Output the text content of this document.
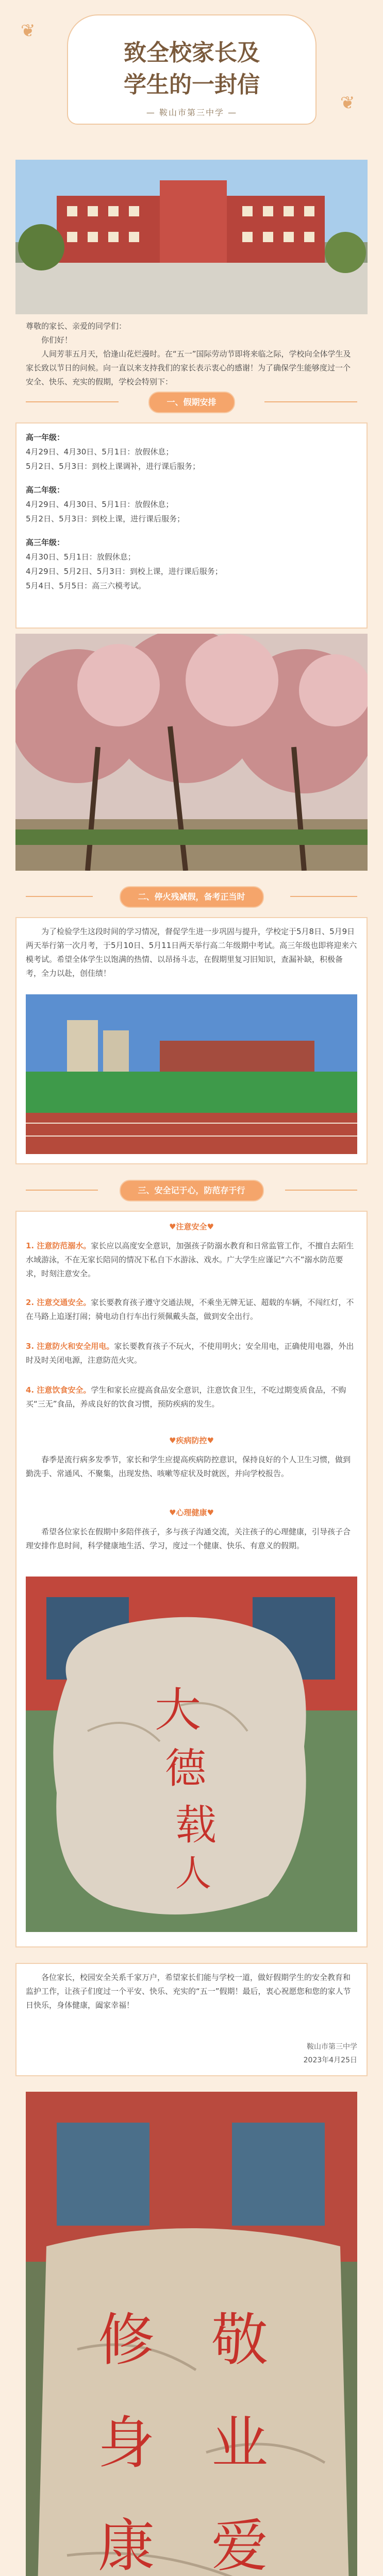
❦
❦
致全校家长及
学生的一封信
— 鞍山市第三中学 —

尊敬的家长、亲爱的同学们：

你们好！

人间芳菲五月天，恰逢山花烂漫时。在“五一”国际劳动节即将来临之际，学校向全体学生及家长致以节日的问候。向一直以来支持我们的家长表示衷心的感谢！为了确保学生能够度过一个安全、快乐、充实的假期，学校会特别下：

一、假期安排
高一年级：
4月29日、4月30日、5月1日：放假休息；
5月2日、5月3日：到校上课调补，进行课后服务；
高二年级：
4月29日、4月30日、5月1日：放假休息；
5月2日、5月3日：到校上课，进行课后服务；
高三年级：
4月30日、5月1日：放假休息；
4月29日、5月2日、5月3日：到校上课，进行课后服务；
5月4日、5月5日：高三六模考试。
二、停火残减假，备考正当时

为了检验学生这段时间的学习情况，督促学生进一步巩固与提升，学校定于5月8日、5月9日两天举行第一次月考，于5月10日、5月11日两天举行高二年级期中考试。高三年级也即将迎来六模考试。希望全体学生以饱满的热情、以昂扬斗志，在假期里复习旧知识，查漏补缺，积极备考，全力以赴，创佳绩！

三、安全记于心，防范存于行
♥注意安全♥

1. 注意防范溺水。家长应以高度安全意识，加强孩子防溺水教育和日常监管工作，不擅自去陌生水域游泳，不在无家长陪同的情况下私自下水游泳、戏水。广大学生应谨记“六不”溺水防范要求，时刻注意安全。

2. 注意交通安全。家长要教育孩子遵守交通法规，不乘坐无牌无证、超载的车辆，不闯红灯，不在马路上追逐打闹；骑电动自行车出行须佩戴头盔，做到安全出行。

3. 注意防火和安全用电。家长要教育孩子不玩火，不使用明火；安全用电，正确使用电器，外出时及时关闭电源，注意防范火灾。

4. 注意饮食安全。学生和家长应提高食品安全意识，注意饮食卫生，不吃过期变质食品，不购买“三无”食品，养成良好的饮食习惯，预防疾病的发生。

♥疾病防控♥

春季是流行病多发季节，家长和学生应提高疾病防控意识，保持良好的个人卫生习惯，做到勤洗手、常通风、不聚集，出现发热、咳嗽等症状及时就医，并向学校报告。

♥心理健康♥

希望各位家长在假期中多陪伴孩子，多与孩子沟通交流，关注孩子的心理健康，引导孩子合理安排作息时间，科学健康地生活、学习，度过一个健康、快乐、有意义的假期。

大
德
载
人

各位家长，校园安全关系千家万户，希望家长们能与学校一道，做好假期学生的安全教育和监护工作，让孩子们度过一个平安、快乐、充实的“五一”假期！最后，衷心祝愿您和您的家人节日快乐，身体健康，阖家幸福！

鞍山市第三中学
2023年4月25日
修
身
康
敬
业
爱
